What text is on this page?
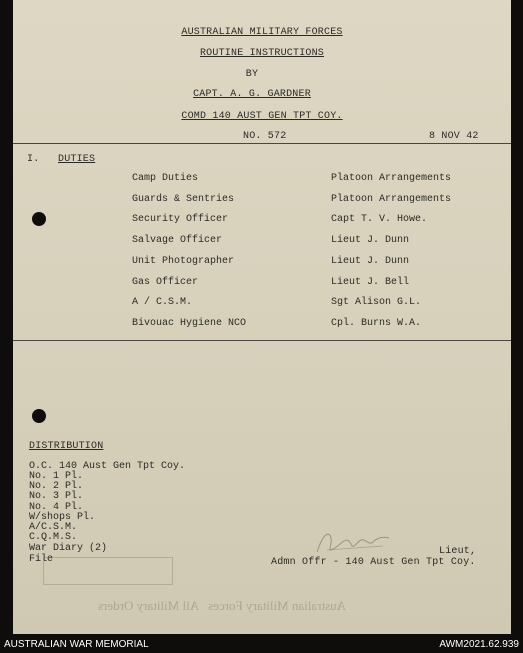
AUSTRALIAN MILITARY FORCES
ROUTINE INSTRUCTIONS
BY
CAPT. A. G. GARDNER
COMD 140 AUST GEN TPT COY.
NO. 572	8 NOV 42
I. DUTIES
Camp Duties	Platoon Arrangements
Guards & Sentries	Platoon Arrangements
Security Officer	Capt T. V. Howe.
Salvage Officer	Lieut J. Dunn
Unit Photographer	Lieut J. Dunn
Gas Officer	Lieut J. Bell
A / C.S.M.	Sgt Alison G.L.
Bivouac Hygiene NCO	Cpl. Burns W.A.
DISTRIBUTION
O.C. 140 Aust Gen Tpt Coy.
No. 1 Pl.
No. 2 Pl.
No. 3 Pl.
No. 4 Pl.
W/shops Pl.
A/C.S.M.
C.Q.M.S.
War Diary (2)
File
Lieut,
Admn Offr - 140 Aust Gen Tpt Coy.
Australian Military Forces   All Military Orders
AUSTRALIAN WAR MEMORIAL	AWM2021.62.939
